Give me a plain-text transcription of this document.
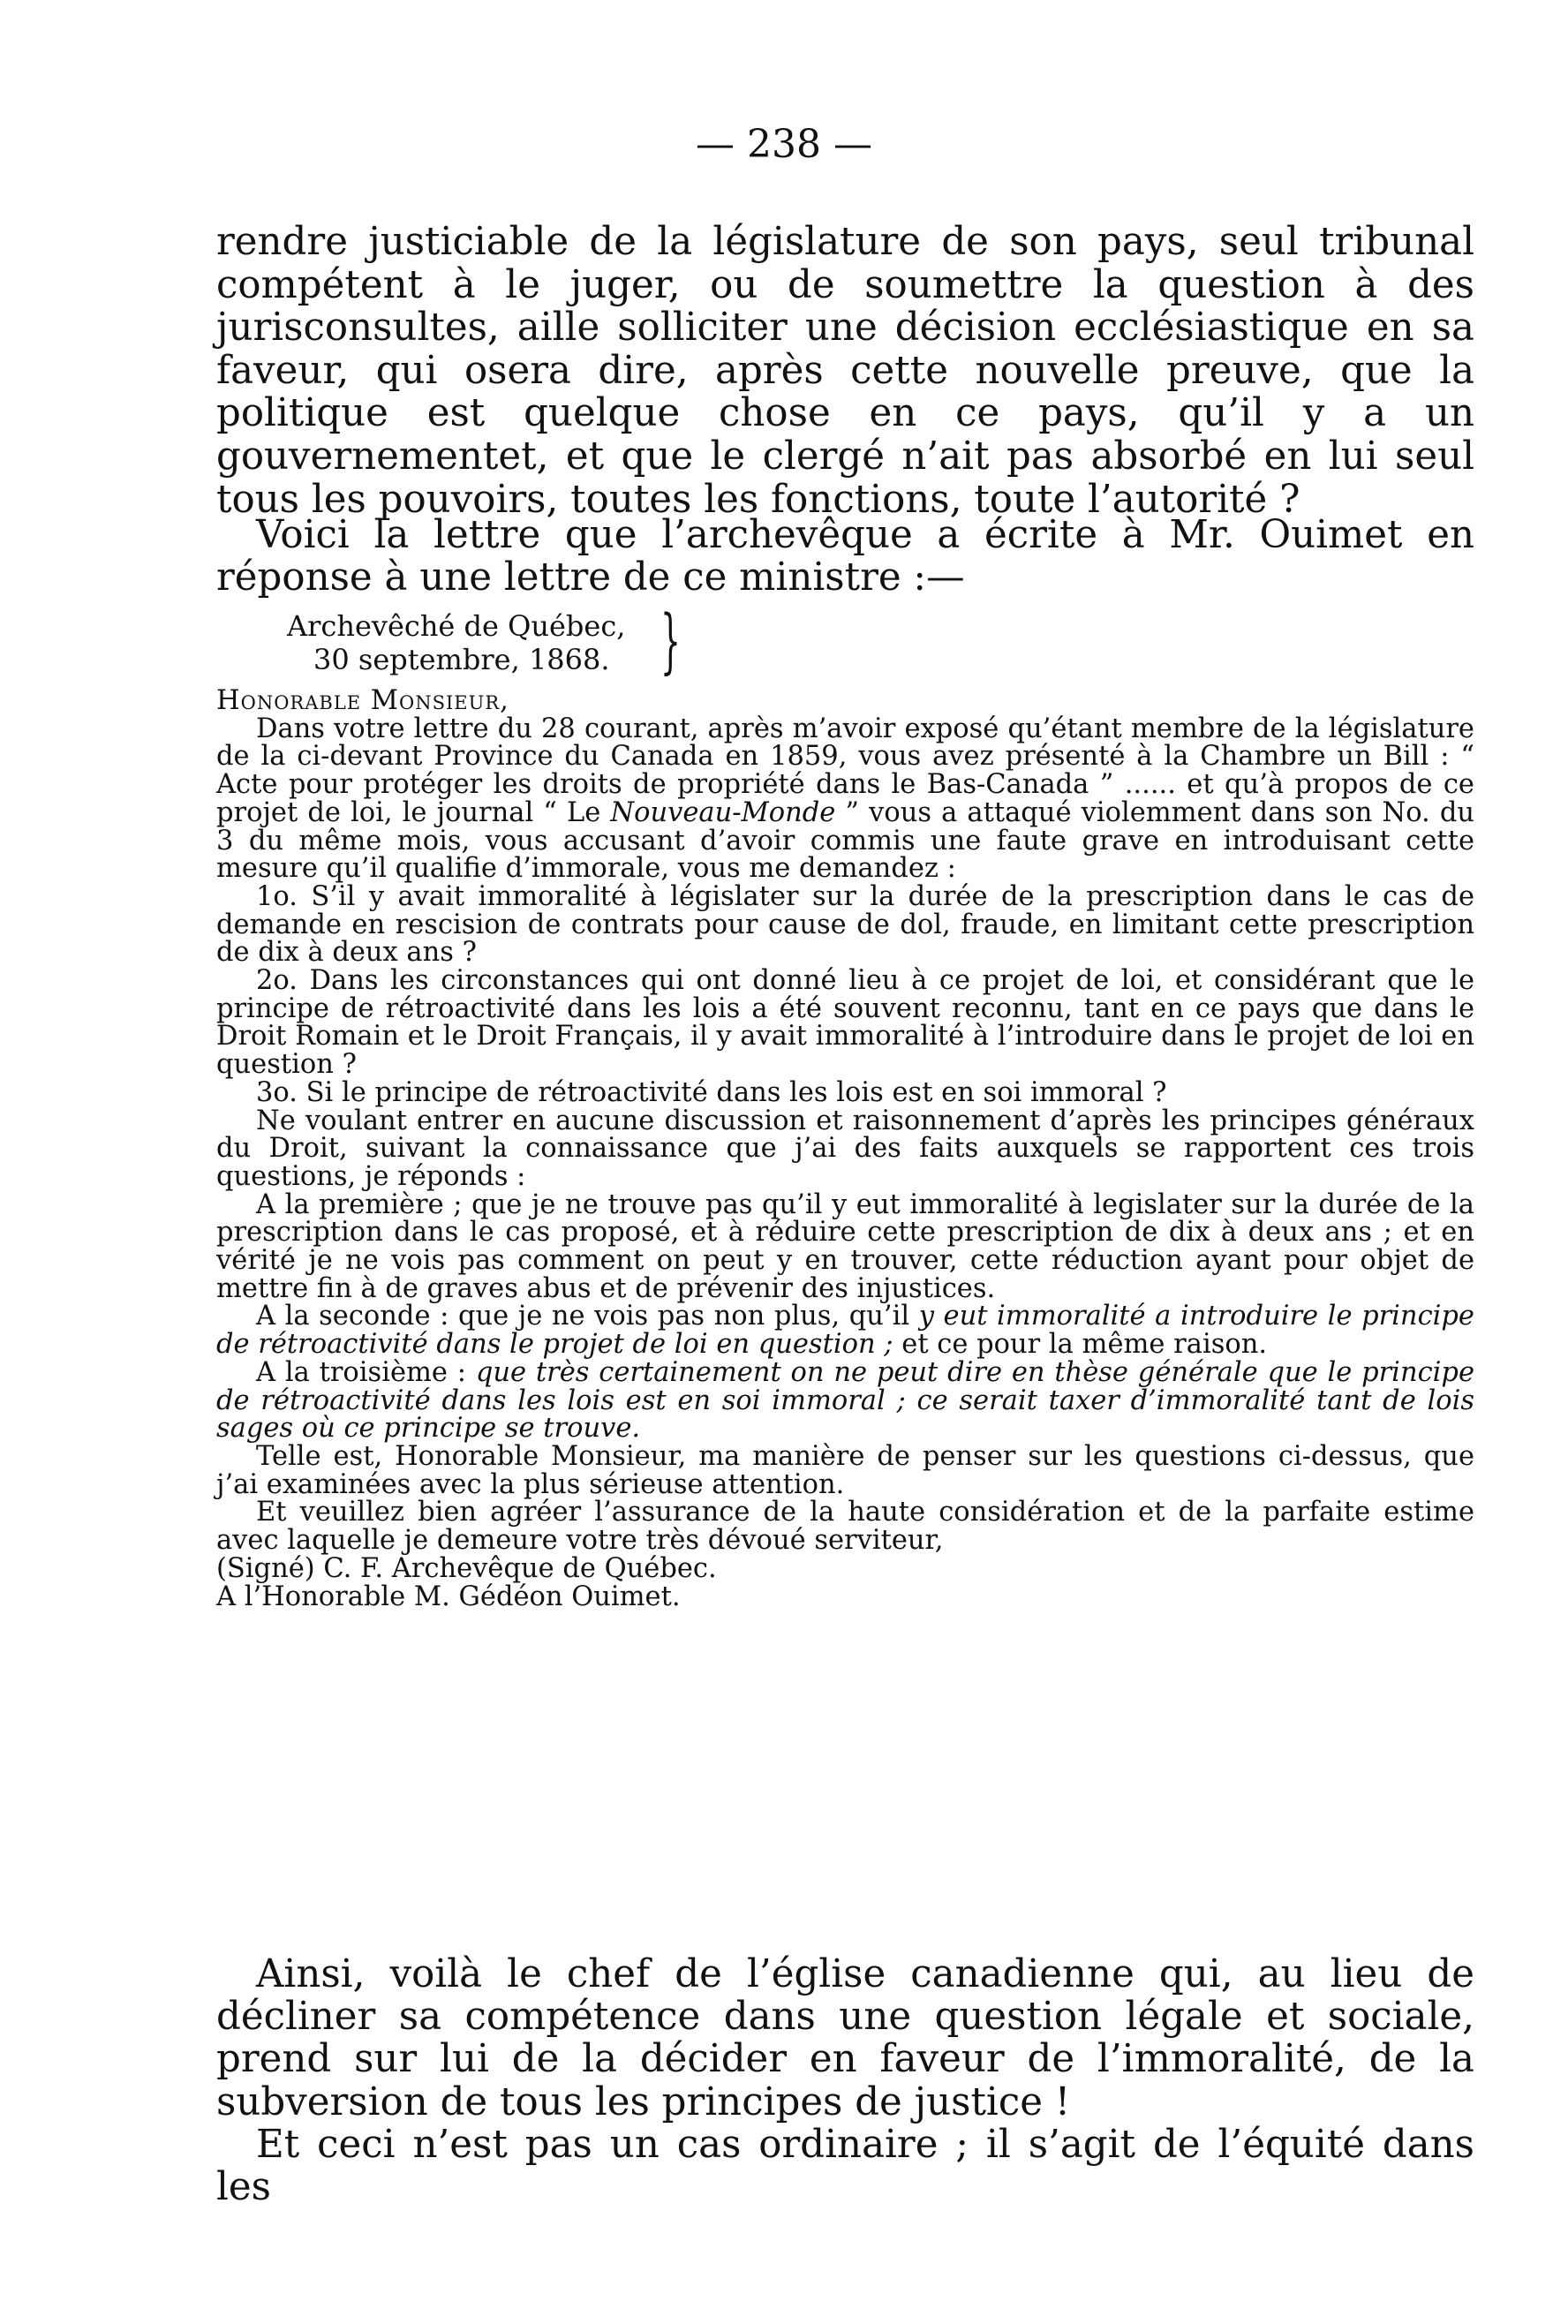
— 238 —

rendre justiciable de la législature de son pays, seul tribunal compétent à le juger, ou de soumettre la question à des jurisconsultes, aille solliciter une décision ecclésiastique en sa faveur, qui osera dire, après cette nouvelle preuve, que la politique est quelque chose en ce pays, qu’il y a un gouvernementet, et que le clergé n’ait pas absorbé en lui seul tous les pouvoirs, toutes les fonctions, toute l’autorité ?

Voici la lettre que l’archevêque a écrite à Mr. Ouimet en réponse à une lettre de ce ministre :—

Archevêché de Québec,
30 septembre, 1868. }
Honorable Monsieur,

Dans votre lettre du 28 courant, après m’avoir exposé qu’étant membre de la législature de la ci-devant Province du Canada en 1859, vous avez présenté à la Chambre un Bill : “ Acte pour protéger les droits de propriété dans le Bas-Canada ” ...... et qu’à propos de ce projet de loi, le journal “ Le Nouveau-Monde ” vous a attaqué violemment dans son No. du 3 du même mois, vous accusant d’avoir commis une faute grave en introduisant cette mesure qu’il qualifie d’immorale, vous me demandez :

1o. S’il y avait immoralité à législater sur la durée de la prescription dans le cas de demande en rescision de contrats pour cause de dol, fraude, en limitant cette prescription de dix à deux ans ?

2o. Dans les circonstances qui ont donné lieu à ce projet de loi, et considérant que le principe de rétroactivité dans les lois a été souvent reconnu, tant en ce pays que dans le Droit Romain et le Droit Français, il y avait immoralité à l’introduire dans le projet de loi en question ?

3o. Si le principe de rétroactivité dans les lois est en soi immoral ?

Ne voulant entrer en aucune discussion et raisonnement d’après les principes généraux du Droit, suivant la connaissance que j’ai des faits auxquels se rapportent ces trois questions, je réponds :

A la première ; que je ne trouve pas qu’il y eut immoralité à legislater sur la durée de la prescription dans le cas proposé, et à réduire cette prescription de dix à deux ans ; et en vérité je ne vois pas comment on peut y en trouver, cette réduction ayant pour objet de mettre fin à de graves abus et de prévenir des injustices.

A la seconde : que je ne vois pas non plus, qu’il y eut immoralité a introduire le principe de rétroactivité dans le projet de loi en question ; et ce pour la même raison.

A la troisième : que très certainement on ne peut dire en thèse générale que le principe de rétroactivité dans les lois est en soi immoral ; ce serait taxer d’immoralité tant de lois sages où ce principe se trouve.

Telle est, Honorable Monsieur, ma manière de penser sur les questions ci-dessus, que j’ai examinées avec la plus sérieuse attention.

Et veuillez bien agréer l’assurance de la haute considération et de la parfaite estime avec laquelle je demeure votre très dévoué serviteur,

(Signé) C. F. Archevêque de Québec.

A l’Honorable M. Gédéon Ouimet.

Ainsi, voilà le chef de l’église canadienne qui, au lieu de décliner sa compétence dans une question légale et sociale, prend sur lui de la décider en faveur de l’immoralité, de la subversion de tous les principes de justice !

Et ceci n’est pas un cas ordinaire ; il s’agit de l’équité dans les
